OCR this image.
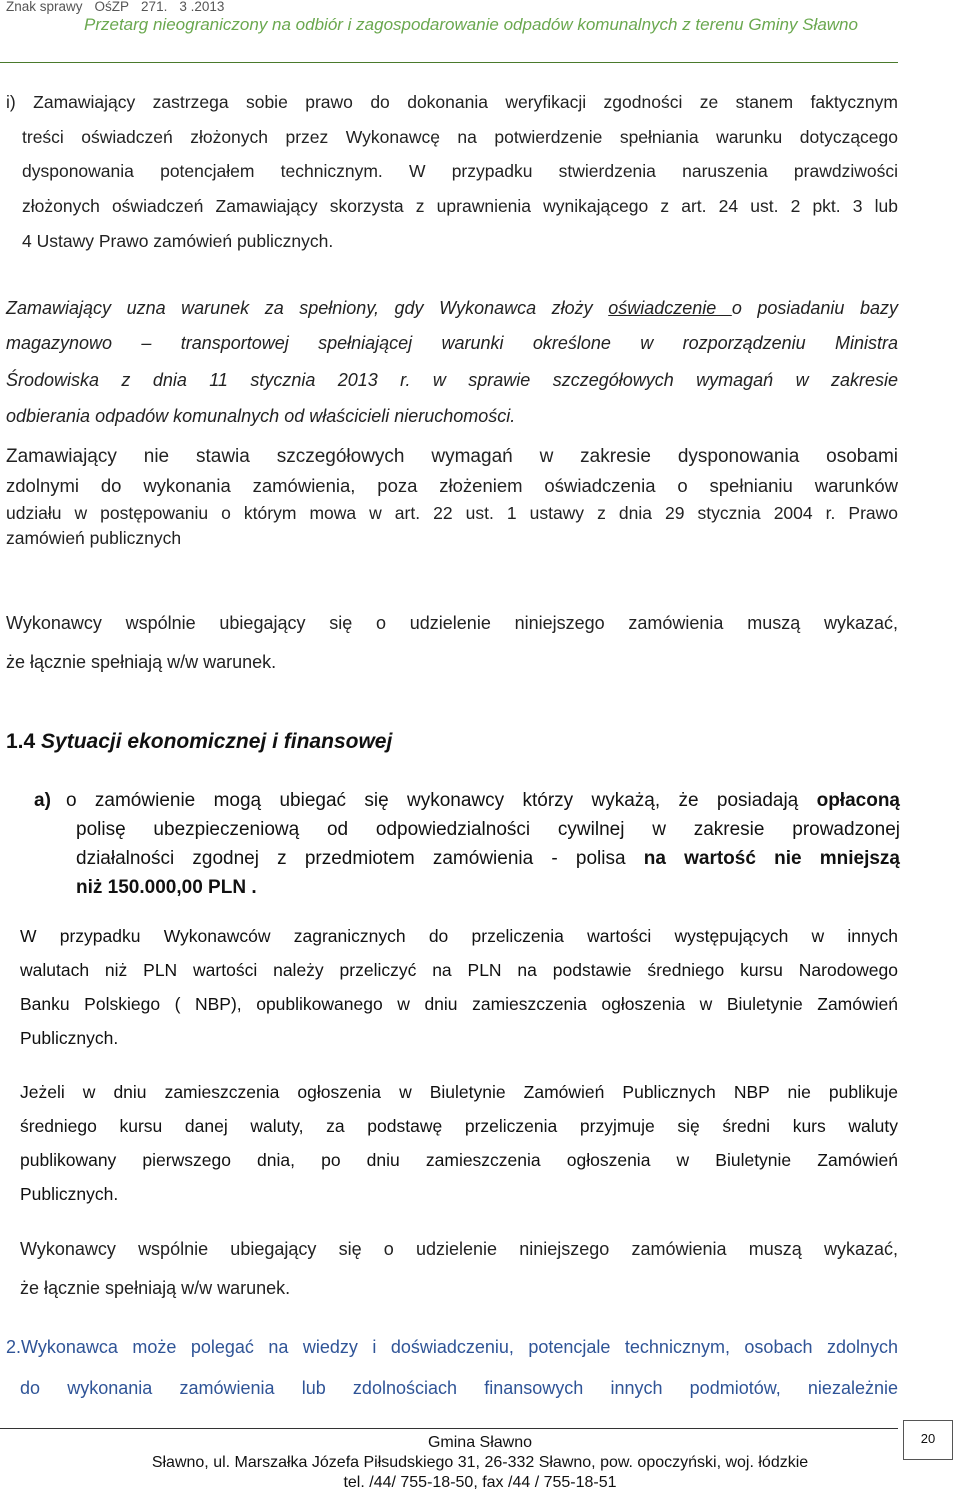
Znak sprawy OśZP 271. 3 .2013
Przetarg nieograniczony na odbiór i zagospodarowanie odpadów komunalnych z terenu Gminy Sławno
i) Zamawiający zastrzega sobie prawo do dokonania weryfikacji zgodności ze stanem faktycznym
treści oświadczeń złożonych przez Wykonawcę na potwierdzenie spełniania warunku dotyczącego
dysponowania potencjałem technicznym. W przypadku stwierdzenia naruszenia prawdziwości
złożonych oświadczeń Zamawiający skorzysta z uprawnienia wynikającego z art. 24 ust. 2 pkt. 3 lub
4 Ustawy Prawo zamówień publicznych.
Zamawiający uzna warunek za spełniony, gdy Wykonawca złoży oświadczenie o posiadaniu bazy
magazynowo – transportowej spełniającej warunki określone w rozporządzeniu Ministra
Środowiska z dnia 11 stycznia 2013 r. w sprawie szczegółowych wymagań w zakresie
odbierania odpadów komunalnych od właścicieli nieruchomości.
Zamawiający nie stawia szczegółowych wymagań w zakresie dysponowania osobami
zdolnymi do wykonania zamówienia, poza złożeniem oświadczenia o spełnianiu warunków
udziału w postępowaniu o którym mowa w art. 22 ust. 1 ustawy z dnia 29 stycznia 2004 r. Prawo
zamówień publicznych
Wykonawcy wspólnie ubiegający się o udzielenie niniejszego zamówienia muszą wykazać,
że łącznie spełniają w/w warunek.
1.4 Sytuacji ekonomicznej i finansowej
a) o zamówienie mogą ubiegać się wykonawcy którzy wykażą, że posiadają opłaconą
polisę ubezpieczeniową od odpowiedzialności cywilnej w zakresie prowadzonej
działalności zgodnej z przedmiotem zamówienia - polisa na wartość nie mniejszą
niż 150.000,00 PLN .
W przypadku Wykonawców zagranicznych do przeliczenia wartości występujących w innych
walutach niż PLN wartości należy przeliczyć na PLN na podstawie średniego kursu Narodowego
Banku Polskiego ( NBP), opublikowanego w dniu zamieszczenia ogłoszenia w Biuletynie Zamówień
Publicznych.
Jeżeli w dniu zamieszczenia ogłoszenia w Biuletynie Zamówień Publicznych NBP nie publikuje
średniego kursu danej waluty, za podstawę przeliczenia przyjmuje się średni kurs waluty
publikowany pierwszego dnia, po dniu zamieszczenia ogłoszenia w Biuletynie Zamówień
Publicznych.
Wykonawcy wspólnie ubiegający się o udzielenie niniejszego zamówienia muszą wykazać,
że łącznie spełniają w/w warunek.
2.Wykonawca może polegać na wiedzy i doświadczeniu, potencjale technicznym, osobach zdolnych
do wykonania zamówienia lub zdolnościach finansowych innych podmiotów, niezależnie
Gmina Sławno
Sławno, ul. Marszałka Józefa Piłsudskiego 31, 26-332 Sławno, pow. opoczyński, woj. łódzkie
tel. /44/ 755-18-50, fax /44 / 755-18-51
20
